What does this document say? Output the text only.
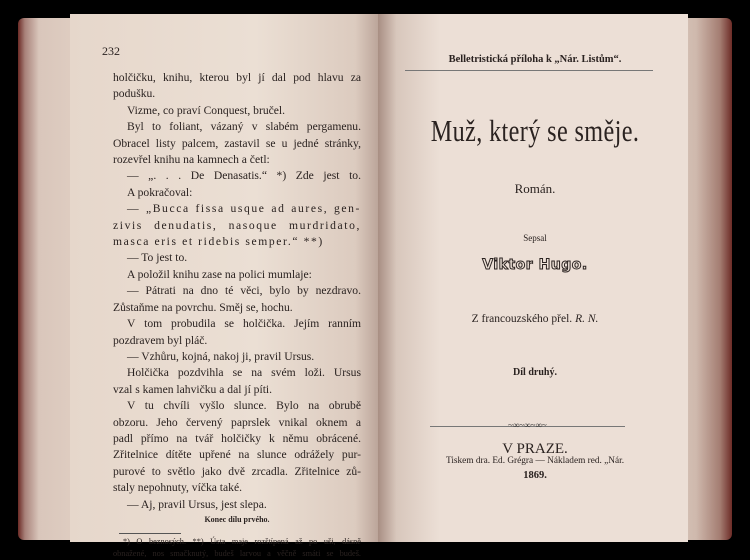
232
holčičku, knihu, kterou byl jí dal pod hlavu za
podušku.
Vizme, co praví Conquest, bručel.
Byl to foliant, vázaný v slabém pergamenu.
Obracel listy palcem, zastavil se u jedné stránky,
rozevřel knihu na kamnech a četl:
— „. . . De Denasatis.“ *) Zde jest to.
A pokračoval:
— „Bucca fissa usque ad aures, gen-
zivis denudatis, nasoque murdridato,
masca eris et ridebis semper.“ **)
— To jest to.
A položil knihu zase na polici mumlaje:
— Pátrati na dno té věci, bylo by nezdravo.
Zůstaňme na povrchu. Směj se, hochu.
V tom probudila se holčička. Jejím ranním
pozdravem byl pláč.
— Vzhůru, kojná, nakoj ji, pravil Ursus.
Holčička pozdvihla se na svém loži. Ursus
vzal s kamen lahvičku a dal jí píti.
V tu chvíli vyšlo slunce. Bylo na obrubě
obzoru. Jeho červený paprslek vnikal oknem a
padl přímo na tvář holčičky k němu obrácené.
Zřitelnice dítěte upřené na slunce odrážely pur-
purové to světlo jako dvě zrcadla. Zřitelnice zů-
staly nepohnuty, víčka také.
— Aj, pravil Ursus, jest slepa.
Konec dílu prvého.
*) O beznosých. **) Ústa maje rozštípená až po uši, dásně
obnažené, nos smačknutý, budeš larvou a věčně smáti se budeš.
Belletristická příloha k „Nár. Listům“.
Muž, který se směje.
Román.
Sepsal
Viktor Hugo.
Z francouzského přel. R. N.
Díl druhý.
~∞~∞~∞~
V PRAZE.
Tiskem dra. Ed. Grégra — Nákladem red. „Nár.
1869.
